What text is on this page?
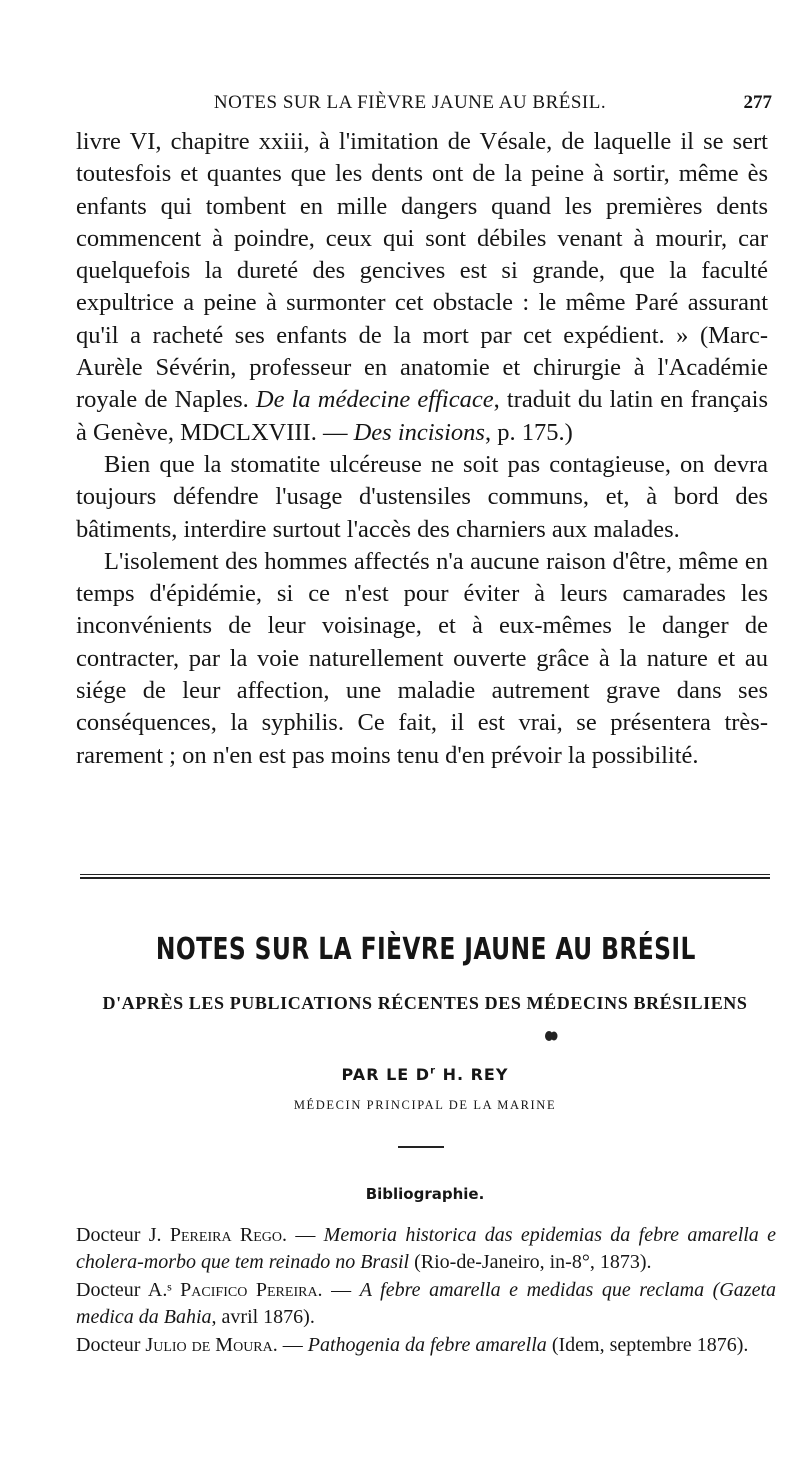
NOTES SUR LA FIÈVRE JAUNE AU BRÉSIL.	277

livre VI, chapitre xxiii, à l'imitation de Vésale, de laquelle il se sert toutesfois et quantes que les dents ont de la peine à sortir, même ès enfants qui tombent en mille dangers quand les premières dents commencent à poindre, ceux qui sont débiles venant à mourir, car quelquefois la dureté des gencives est si grande, que la faculté expultrice a peine à surmonter cet obstacle : le même Paré assurant qu'il a racheté ses enfants de la mort par cet expédient. » (Marc-Aurèle Sévérin, professeur en anatomie et chirurgie à l'Académie royale de Naples. De la médecine efficace, traduit du latin en français à Genève, MDCLXVIII. — Des incisions, p. 175.)

Bien que la stomatite ulcéreuse ne soit pas contagieuse, on devra toujours défendre l'usage d'ustensiles communs, et, à bord des bâtiments, interdire surtout l'accès des charniers aux malades.

L'isolement des hommes affectés n'a aucune raison d'être, même en temps d'épidémie, si ce n'est pour éviter à leurs camarades les inconvénients de leur voisinage, et à eux-mêmes le danger de contracter, par la voie naturellement ouverte grâce à la nature et au siége de leur affection, une maladie autrement grave dans ses conséquences, la syphilis. Ce fait, il est vrai, se présentera très-rarement ; on n'en est pas moins tenu d'en prévoir la possibilité.

NOTES SUR LA FIÈVRE JAUNE AU BRÉSIL
D'APRÈS LES PUBLICATIONS RÉCENTES DES MÉDECINS BRÉSILIENS
PAR LE $D^r$ H. REY
MÉDECIN PRINCIPAL DE LA MARINE
Bibliographie.

Docteur J. Pereira Rego. — Memoria historica das epidemias da febre amarella e cholera-morbo que tem reinado no Brasil (Rio-de-Janeiro, in-8°, 1873).

Docteur A.ˢ Pacifico Pereira. — A febre amarella e medidas que reclama (Gazeta medica da Bahia, avril 1876).

Docteur Julio de Moura. — Pathogenia da febre amarella (Idem, septembre 1876).
